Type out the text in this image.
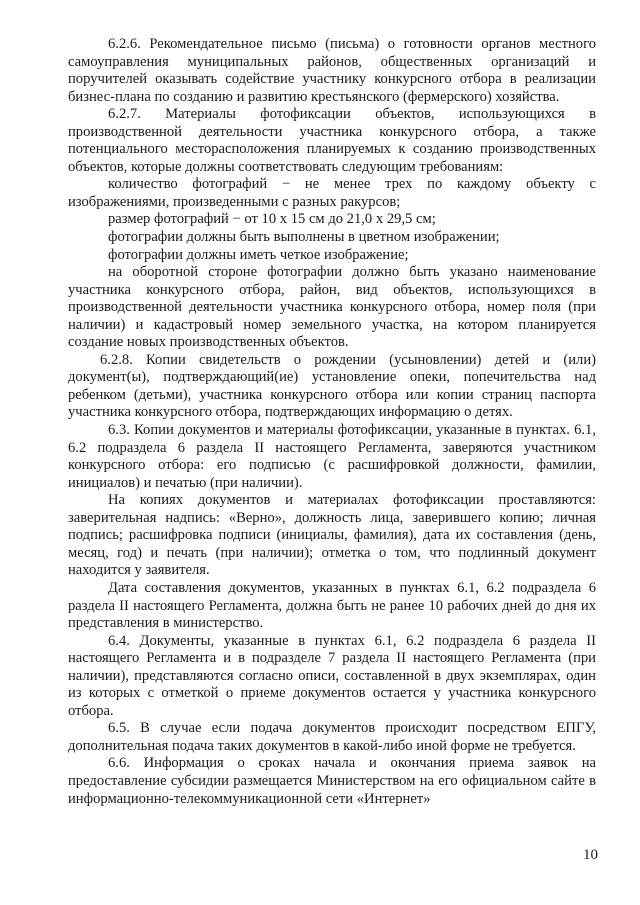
6.2.6. Рекомендательное письмо (письма) о готовности органов местного самоуправления муниципальных районов, общественных организаций и поручителей оказывать содействие участнику конкурсного отбора в реализации бизнес-плана по созданию и развитию крестьянского (фермерского) хозяйства.

6.2.7. Материалы фотофиксации объектов, использующихся в производственной деятельности участника конкурсного отбора, а также потенциального месторасположения планируемых к созданию производственных объектов, которые должны соответствовать следующим требованиям:

количество фотографий − не менее трех по каждому объекту с изображениями, произведенными с разных ракурсов;

размер фотографий − от 10 х 15 см до 21,0 х 29,5 см;

фотографии должны быть выполнены в цветном изображении;

фотографии должны иметь четкое изображение;

на оборотной стороне фотографии должно быть указано наименование участника конкурсного отбора, район, вид объектов, использующихся в производственной деятельности участника конкурсного отбора, номер поля (при наличии) и кадастровый номер земельного участка, на котором планируется создание новых производственных объектов.

6.2.8. Копии свидетельств о рождении (усыновлении) детей и (или) документ(ы), подтверждающий(ие) установление опеки, попечительства над ребенком (детьми), участника конкурсного отбора или копии страниц паспорта участника конкурсного отбора, подтверждающих информацию о детях.

6.3. Копии документов и материалы фотофиксации, указанные в пунктах. 6.1, 6.2 подраздела 6 раздела II настоящего Регламента, заверяются участником конкурсного отбора: его подписью (с расшифровкой должности, фамилии, инициалов) и печатью (при наличии).

На копиях документов и материалах фотофиксации проставляются: заверительная надпись: «Верно», должность лица, заверившего копию; личная подпись; расшифровка подписи (инициалы, фамилия), дата их составления (день, месяц, год) и печать (при наличии); отметка о том, что подлинный документ находится у заявителя.

Дата составления документов, указанных в пунктах 6.1, 6.2 подраздела 6 раздела II настоящего Регламента, должна быть не ранее 10 рабочих дней до дня их представления в министерство.

6.4. Документы, указанные в пунктах 6.1, 6.2 подраздела 6 раздела II настоящего Регламента и в подразделе 7 раздела II настоящего Регламента (при наличии), представляются согласно описи, составленной в двух экземплярах, один из которых с отметкой о приеме документов остается у участника конкурсного отбора.

6.5. В случае если подача документов происходит посредством ЕПГУ, дополнительная подача таких документов в какой-либо иной форме не требуется.

6.6. Информация о сроках начала и окончания приема заявок на предоставление субсидии размещается Министерством на его официальном сайте в информационно-телекоммуникационной сети «Интернет»

10
